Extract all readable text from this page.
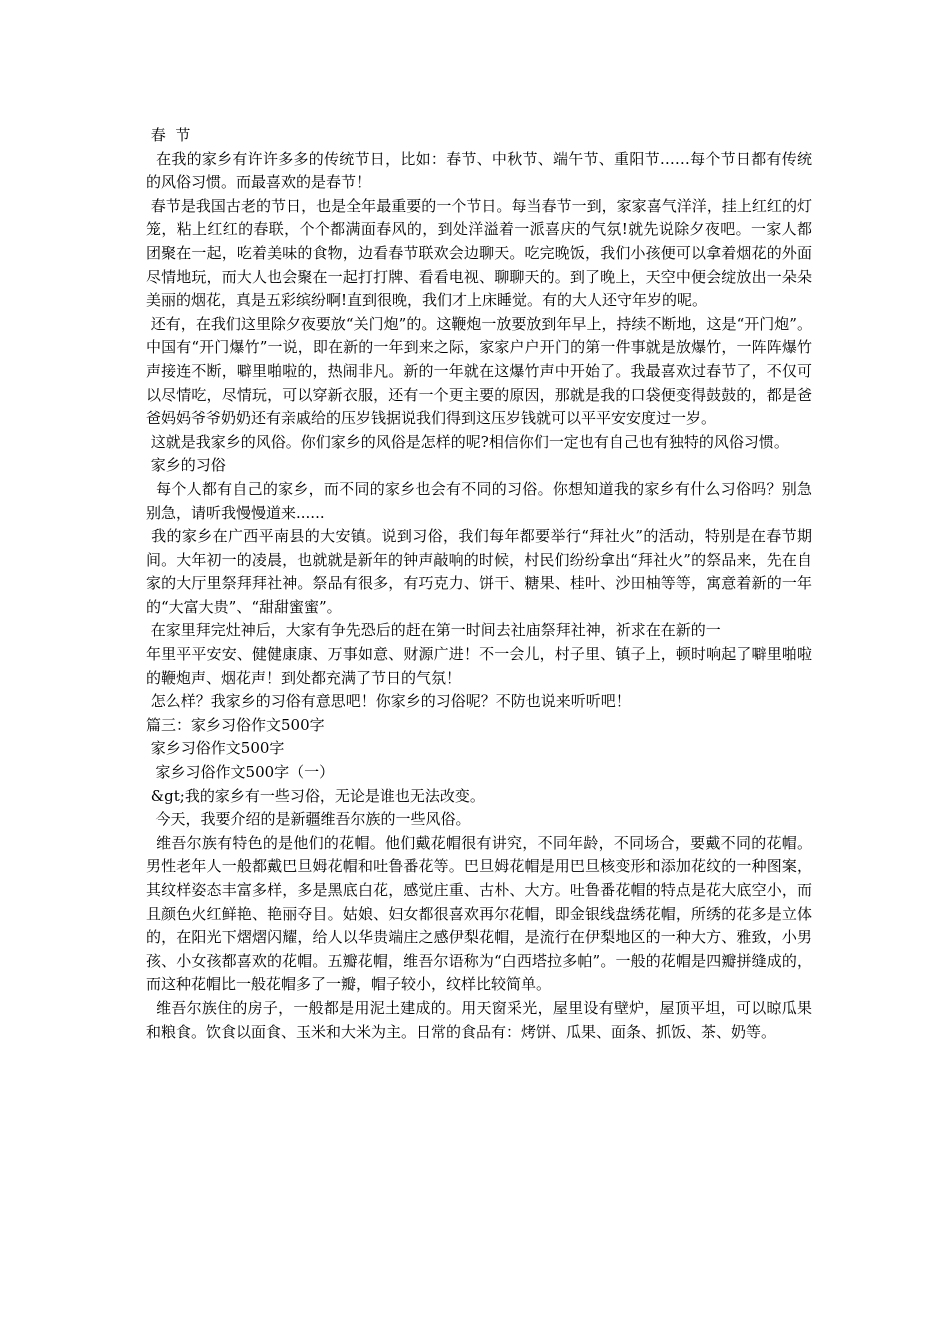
春  节

在我的家乡有许许多多的传统节日，比如：春节、中秋节、端午节、重阳节……每个节日都有传统的风俗习惯。而最喜欢的是春节！

春节是我国古老的节日，也是全年最重要的一个节日。每当春节一到，家家喜气洋洋，挂上红红的灯笼，粘上红红的春联，个个都满面春风的，到处洋溢着一派喜庆的气氛!就先说除夕夜吧。一家人都团聚在一起，吃着美味的食物，边看春节联欢会边聊天。吃完晚饭，我们小孩便可以拿着烟花的外面尽情地玩，而大人也会聚在一起打打牌、看看电视、聊聊天的。到了晚上，天空中便会绽放出一朵朵美丽的烟花，真是五彩缤纷啊!直到很晚，我们才上床睡觉。有的大人还守年岁的呢。

还有，在我们这里除夕夜要放“关门炮”的。这鞭炮一放要放到年早上，持续不断地，这是“开门炮”。中国有“开门爆竹”一说，即在新的一年到来之际，家家户户开门的第一件事就是放爆竹，一阵阵爆竹声接连不断，噼里啪啦的，热闹非凡。新的一年就在这爆竹声中开始了。我最喜欢过春节了，不仅可以尽情吃，尽情玩，可以穿新衣服，还有一个更主要的原因，那就是我的口袋便变得鼓鼓的，都是爸爸妈妈爷爷奶奶还有亲戚给的压岁钱据说我们得到这压岁钱就可以平平安安度过一岁。

这就是我家乡的风俗。你们家乡的风俗是怎样的呢?相信你们一定也有自己也有独特的风俗习惯。

家乡的习俗

每个人都有自己的家乡，而不同的家乡也会有不同的习俗。你想知道我的家乡有什么习俗吗？别急别急，请听我慢慢道来......

我的家乡在广西平南县的大安镇。说到习俗，我们每年都要举行“拜社火”的活动，特别是在春节期间。大年初一的凌晨，也就就是新年的钟声敲响的时候，村民们纷纷拿出“拜社火”的祭品来，先在自家的大厅里祭拜拜社神。祭品有很多，有巧克力、饼干、糖果、桂叶、沙田柚等等，寓意着新的一年的“大富大贵”、“甜甜蜜蜜”。

在家里拜完灶神后，大家有争先恐后的赶在第一时间去社庙祭拜社神，祈求在在新的一
年里平平安安、健健康康、万事如意、财源广进！不一会儿，村子里、镇子上，顿时响起了噼里啪啦的鞭炮声、烟花声！到处都充满了节日的气氛！

怎么样？我家乡的习俗有意思吧！你家乡的习俗呢？不防也说来听听吧！

篇三：家乡习俗作文500字

家乡习俗作文500字

家乡习俗作文500字（一）

&gt;我的家乡有一些习俗，无论是谁也无法改变。

今天，我要介绍的是新疆维吾尔族的一些风俗。

维吾尔族有特色的是他们的花帽。他们戴花帽很有讲究，不同年龄，不同场合，要戴不同的花帽。男性老年人一般都戴巴旦姆花帽和吐鲁番花等。巴旦姆花帽是用巴旦核变形和添加花纹的一种图案，其纹样姿态丰富多样，多是黑底白花，感觉庄重、古朴、大方。吐鲁番花帽的特点是花大底空小，而且颜色火红鲜艳、艳丽夺目。姑娘、妇女都很喜欢再尔花帽，即金银线盘绣花帽，所绣的花多是立体的，在阳光下熠熠闪耀，给人以华贵端庄之感伊梨花帽，是流行在伊梨地区的一种大方、雅致，小男孩、小女孩都喜欢的花帽。五瓣花帽，维吾尔语称为“白西塔拉多帕”。一般的花帽是四瓣拼缝成的，而这种花帽比一般花帽多了一瓣，帽子较小，纹样比较简单。

维吾尔族住的房子，一般都是用泥土建成的。用天窗采光，屋里设有壁炉，屋顶平坦，可以晾瓜果和粮食。饮食以面食、玉米和大米为主。日常的食品有：烤饼、瓜果、面条、抓饭、茶、奶等。
